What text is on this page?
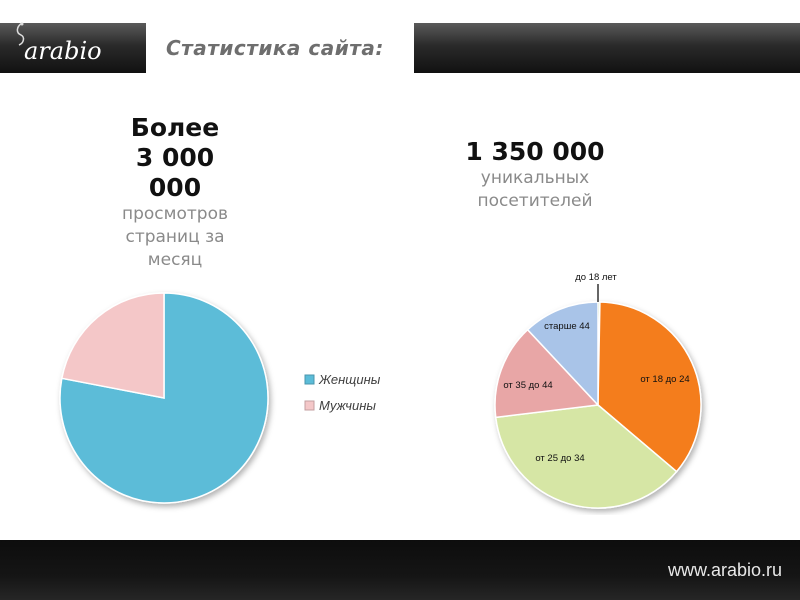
arabio	Статистика сайта:
Более
3 000
000
просмотров
страниц за
месяц
1 350 000
уникальных
посетителей
Женщины
Мужчины
до 18 лет
от 18 до 24
от 25 до 34
от 35 до 44
старше 44
www.arabio.ru
